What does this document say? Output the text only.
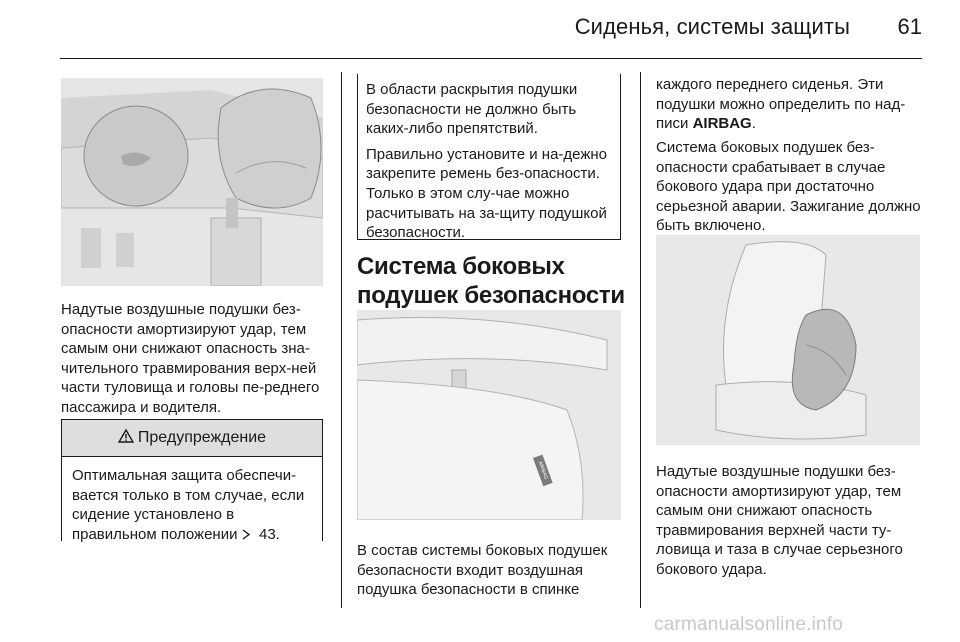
Сиденья, системы защиты	61
Надутые воздушные подушки без-опасности амортизируют удар, тем самым они снижают опасность зна-чительного травмирования верх-ней части туловища и головы пе-реднего пассажира и водителя.
Предупреждение
Оптимальная защита обеспечи-вается только в том случае, если сидение установлено в правильном положении   43.

В области раскрытия подушки безопасности не должно быть каких-либо препятствий.

Правильно установите и на-дежно закрепите ремень без-опасности. Только в этом слу-чае можно расчитывать на за-щиту подушкой безопасности.

Система боковых подушек безопасности
AIRBAG
В состав системы боковых подушек безопасности входит воздушная подушка безопасности в спинке
каждого переднего сиденья. Эти подушки можно определить по над-писи AIRBAG.
Система боковых подушек без-опасности срабатывает в случае бокового удара при достаточно серьезной аварии. Зажигание должно быть включено.
Надутые воздушные подушки без-опасности амортизируют удар, тем самым они снижают опасность травмирования верхней части ту-ловища и таза в случае серьезного бокового удара.
carmanualsonline.info
